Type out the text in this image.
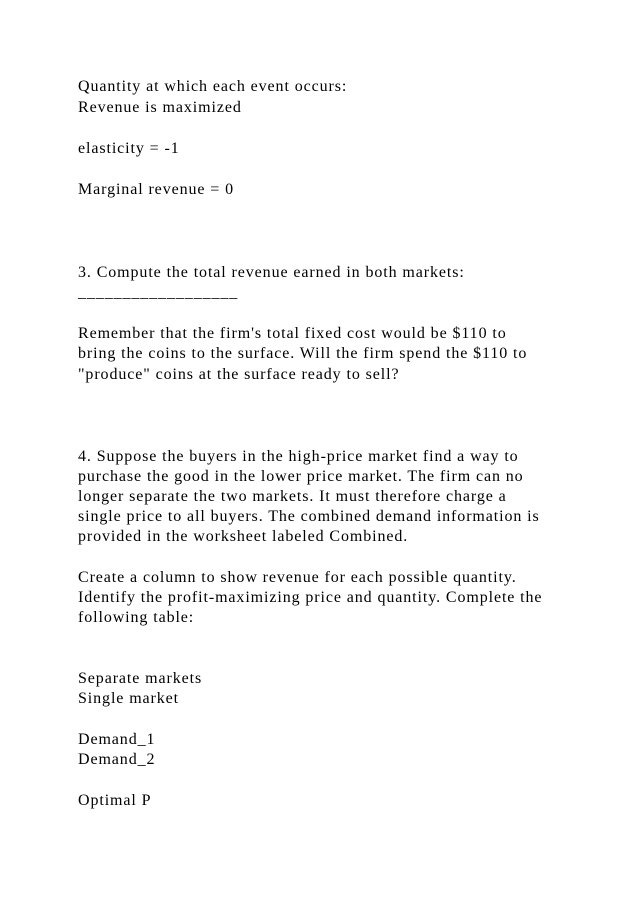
Quantity at which each event occurs:

Revenue is maximized

elasticity = -1

Marginal revenue = 0

3. Compute the total revenue earned in both markets:

__________________

Remember that the firm's total fixed cost would be $110 to

bring the coins to the surface. Will the firm spend the $110 to

"produce" coins at the surface ready to sell?

4. Suppose the buyers in the high-price market find a way to

purchase the good in the lower price market. The firm can no

longer separate the two markets. It must therefore charge a

single price to all buyers. The combined demand information is

provided in the worksheet labeled Combined.

Create a column to show revenue for each possible quantity.

Identify the profit-maximizing price and quantity. Complete the

following table:

Separate markets

Single market

Demand_1

Demand_2

Optimal P
